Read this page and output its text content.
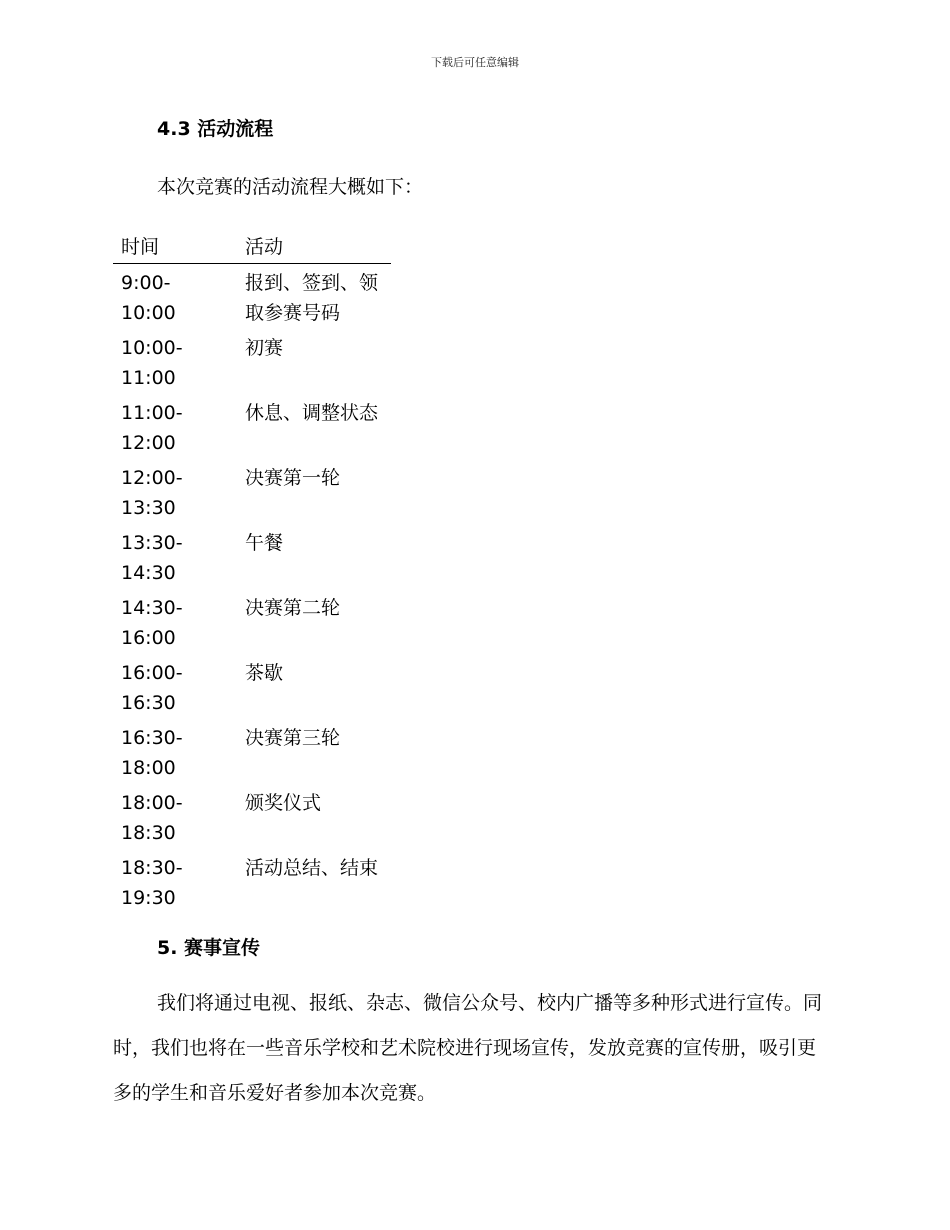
下载后可任意编辑
4.3 活动流程
本次竞赛的活动流程大概如下：
时间	活动

9:00-
10:00	报到、签到、领取参赛号码

10:00-
11:00	初赛

11:00-
12:00	休息、调整状态

12:00-
13:30	决赛第一轮

13:30-
14:30	午餐

14:30-
16:00	决赛第二轮

16:00-
16:30	茶歇

16:30-
18:00	决赛第三轮

18:00-
18:30	颁奖仪式

18:30-
19:30	活动总结、结束
5. 赛事宣传
我们将通过电视、报纸、杂志、微信公众号、校内广播等多种形式进行宣传。同时，我们也将在一些音乐学校和艺术院校进行现场宣传，发放竞赛的宣传册，吸引更多的学生和音乐爱好者参加本次竞赛。
